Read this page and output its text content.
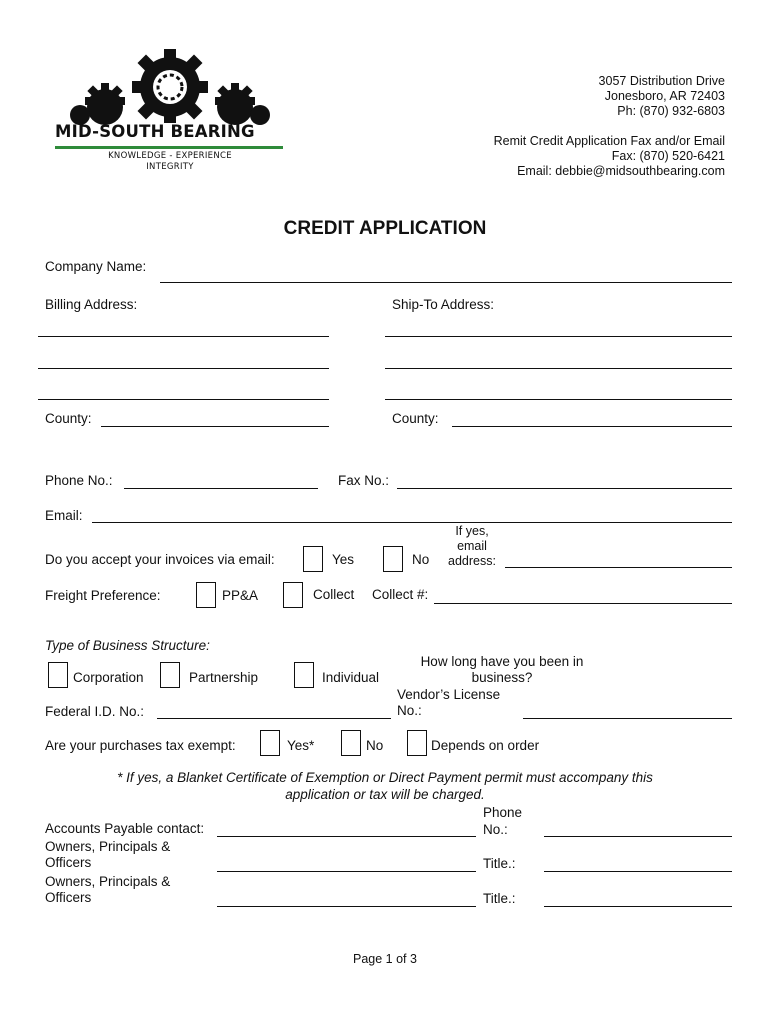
MID-SOUTH BEARING
KNOWLEDGE - EXPERIENCE
INTEGRITY
3057 Distribution Drive
Jonesboro, AR 72403
Ph: (870) 932-6803
Remit Credit Application Fax and/or Email
Fax: (870) 520-6421
Email: debbie@midsouthbearing.com
CREDIT APPLICATION
Company Name:
Billing Address:	Ship-To Address:
County:	County:
Phone No.:	Fax No.:
Email:
Do you accept your invoices via email:	Yes	No
If yes,
email
address:
Freight Preference:	PP&A	Collect Collect #:
Type of Business Structure:
Corporation	Partnership	Individual
How long have you been in
business?
Federal I.D. No.:
Vendor’s License
No.:
Are your purchases tax exempt:	Yes*	No	Depends on order
* If yes, a Blanket Certificate of Exemption or Direct Payment permit must accompany this
application or tax will be charged.
Accounts Payable contact:
Phone
No.:
Owners, Principals &
Officers	Title.:
Owners, Principals &
Officers	Title.:
Page 1 of 3
